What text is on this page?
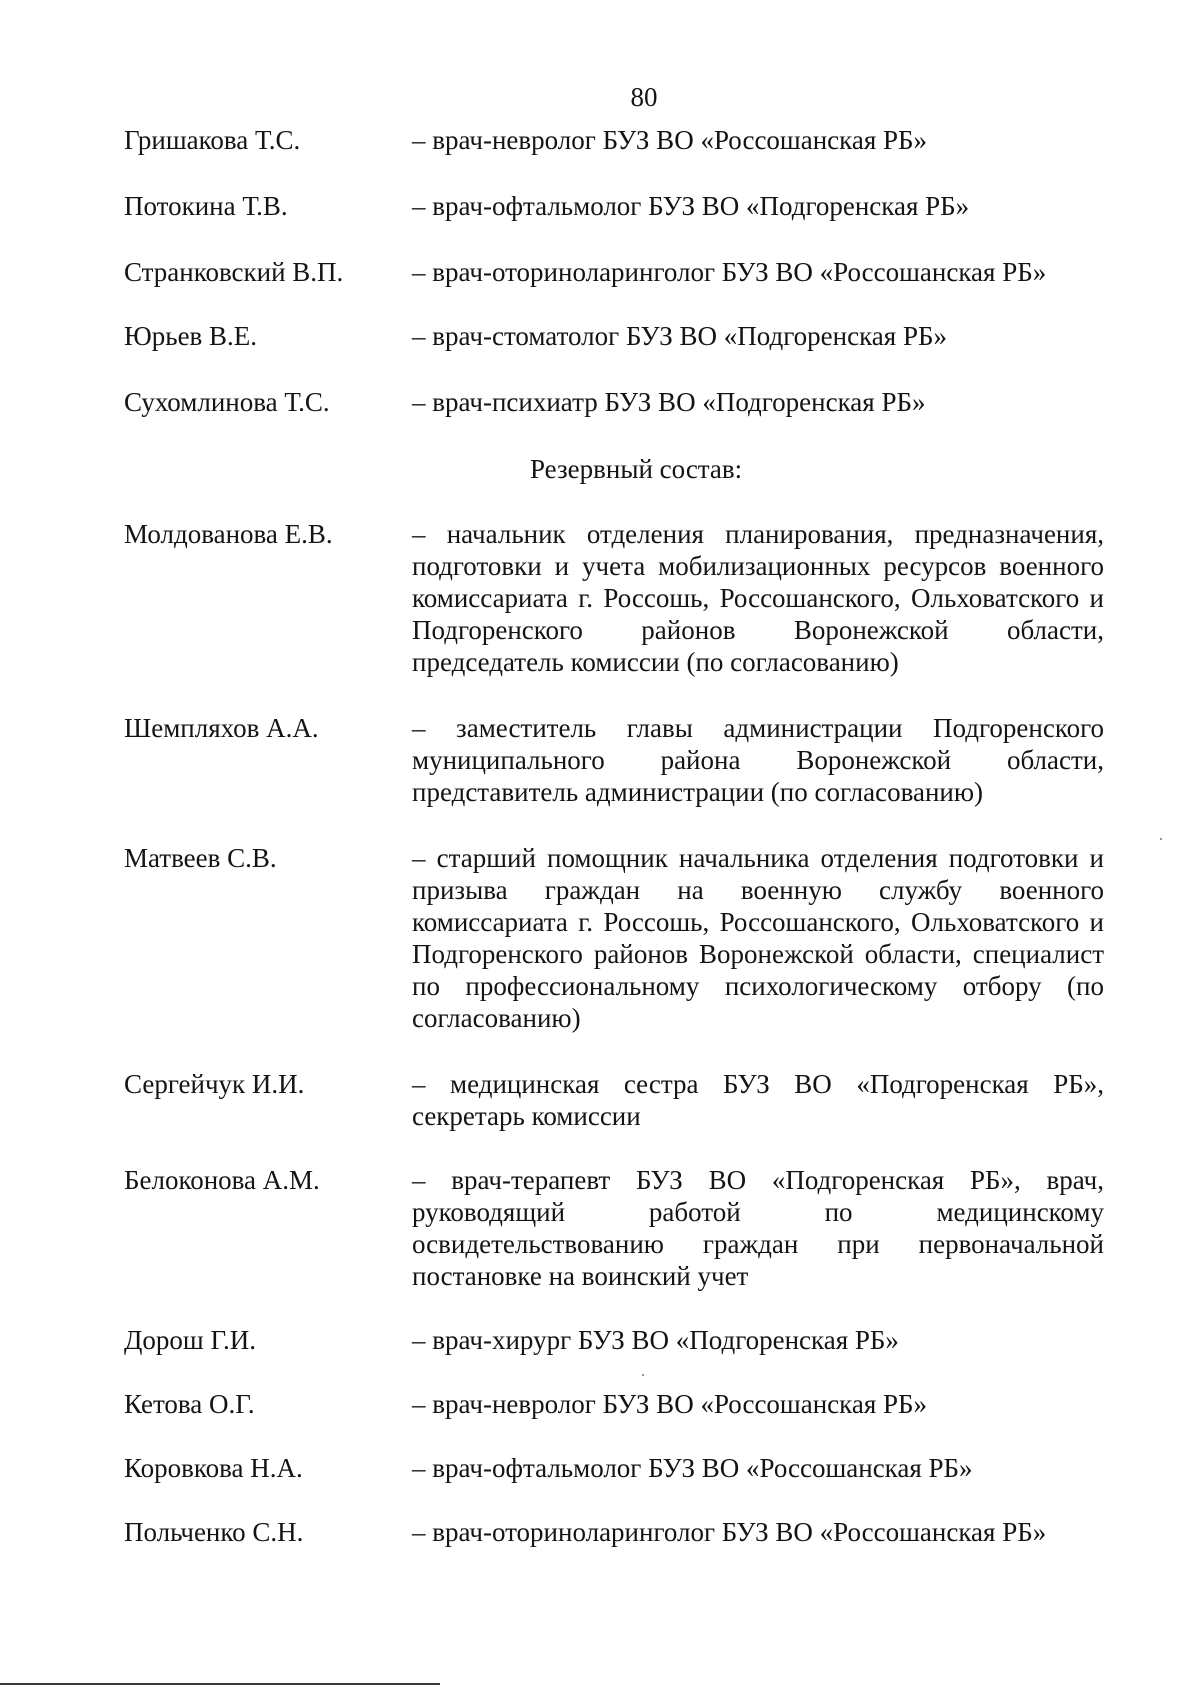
80
Гришакова Т.С.	– врач-невролог БУЗ ВО «Россошанская РБ»
Потокина Т.В.	– врач-офтальмолог БУЗ ВО «Подгоренская РБ»
Странковский В.П.	– врач-оториноларинголог БУЗ ВО «Россошанская РБ»
Юрьев В.Е.	– врач-стоматолог БУЗ ВО «Подгоренская РБ»
Сухомлинова Т.С.	– врач-психиатр БУЗ ВО «Подгоренская РБ»
Резервный состав:
Молдованова Е.В.	– начальник отделения планирования, предназначения, подготовки и учета мобилизационных ресурсов военного комиссариата г. Россошь, Россошанского, Ольховатского и Подгоренского районов Воронежской области, председатель комиссии (по согласованию)
Шемпляхов А.А.	– заместитель главы администрации Подгоренского муниципального района Воронежской области, представитель администрации (по согласованию)
Матвеев С.В.	– старший помощник начальника отделения подготовки и призыва граждан на военную службу военного комиссариата г. Россошь, Россошанского, Ольховатского и Подгоренского районов Воронежской области, специалист по профессиональному психологическому отбору (по согласованию)
Сергейчук И.И.	– медицинская сестра БУЗ ВО «Подгоренская РБ», секретарь комиссии
Белоконова А.М.	– врач-терапевт БУЗ ВО «Подгоренская РБ», врач, руководящий работой по медицинскому освидетельствованию граждан при первоначальной постановке на воинский учет
Дорош Г.И.	– врач-хирург БУЗ ВО «Подгоренская РБ»
Кетова О.Г.	– врач-невролог БУЗ ВО «Россошанская РБ»
Коровкова Н.А.	– врач-офтальмолог БУЗ ВО «Россошанская РБ»
Польченко С.Н.	– врач-оториноларинголог БУЗ ВО «Россошанская РБ»
